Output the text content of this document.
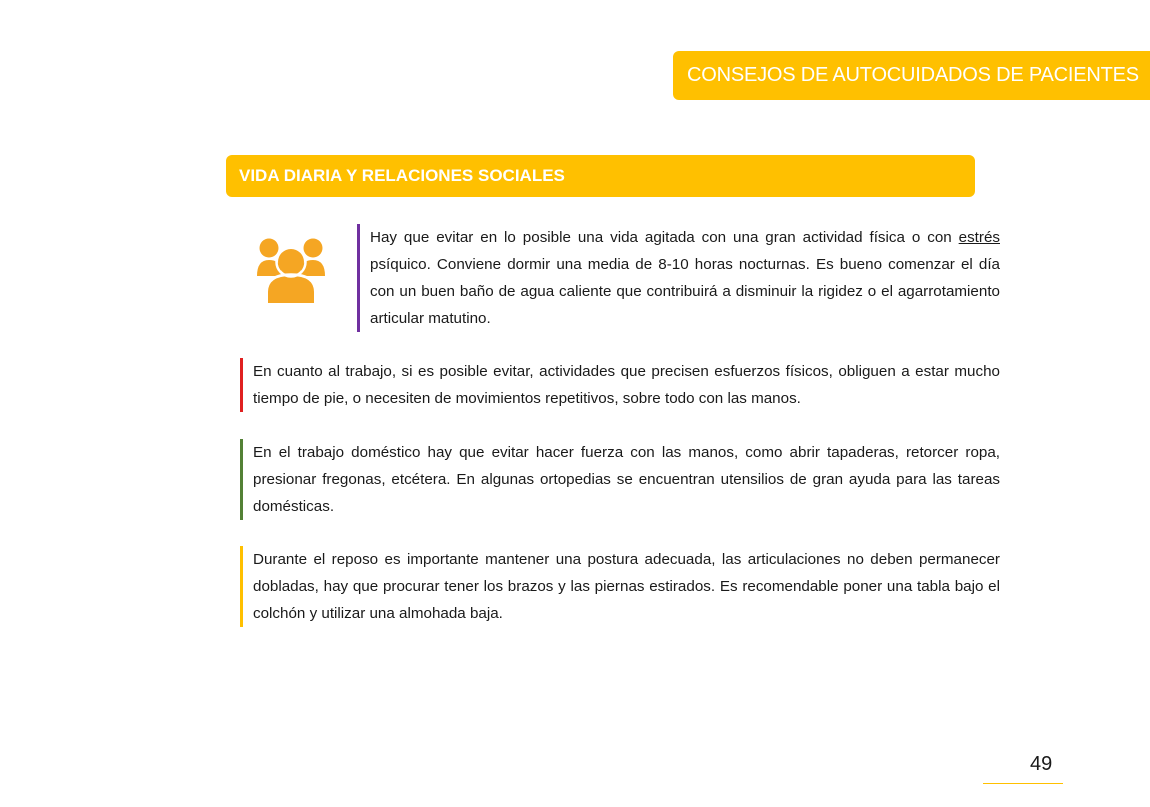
CONSEJOS DE AUTOCUIDADOS DE PACIENTES
VIDA DIARIA Y RELACIONES SOCIALES

Hay que evitar en lo posible una vida agitada con una gran actividad física o con estrés psíquico. Conviene dormir una media de 8-10 horas nocturnas. Es bueno comenzar el día con un buen baño de agua caliente que contribuirá a disminuir la rigidez o el agarrotamiento articular matutino.

En cuanto al trabajo, si es posible evitar, actividades que precisen esfuerzos físicos, obliguen a estar mucho tiempo de pie, o necesiten de movimientos repetitivos, sobre todo con las manos.

En el trabajo doméstico hay que evitar hacer fuerza con las manos, como abrir tapaderas, retorcer ropa, presionar fregonas, etcétera. En algunas ortopedias se encuentran utensilios de gran ayuda para las tareas domésticas.

Durante el reposo es importante mantener una postura adecuada, las articulaciones no deben permanecer dobladas, hay que procurar tener los brazos y las piernas estirados. Es recomendable poner una tabla bajo el colchón y utilizar una almohada baja.

49
